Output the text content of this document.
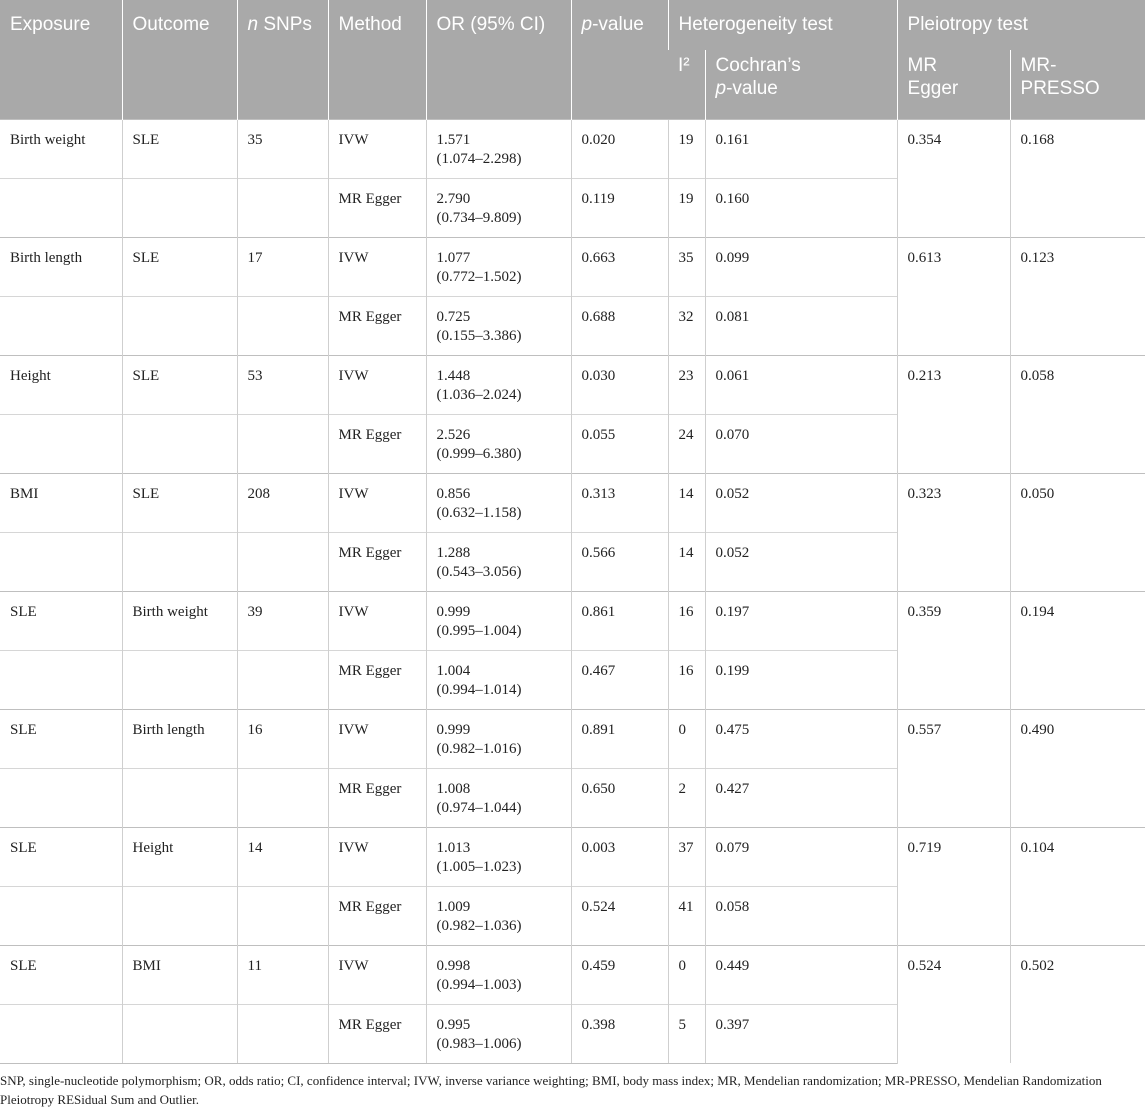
Exposure	Outcome	n SNPs	Method	OR (95% CI)	p-value	Heterogeneity test		Pleiotropy test	
						I²	Cochran’s
p-value	MR Egger	MR-PRESSO
Birth weight	SLE	35	IVW	1.571
(1.074–2.298)	0.020	19	0.161	0.354	0.168
			MR Egger	2.790
(0.734–9.809)	0.119	19	0.160		
Birth length	SLE	17	IVW	1.077
(0.772–1.502)	0.663	35	0.099	0.613	0.123
			MR Egger	0.725
(0.155–3.386)	0.688	32	0.081		
Height	SLE	53	IVW	1.448
(1.036–2.024)	0.030	23	0.061	0.213	0.058
			MR Egger	2.526
(0.999–6.380)	0.055	24	0.070		
BMI	SLE	208	IVW	0.856
(0.632–1.158)	0.313	14	0.052	0.323	0.050
			MR Egger	1.288
(0.543–3.056)	0.566	14	0.052		
SLE	Birth weight	39	IVW	0.999
(0.995–1.004)	0.861	16	0.197	0.359	0.194
			MR Egger	1.004
(0.994–1.014)	0.467	16	0.199		
SLE	Birth length	16	IVW	0.999
(0.982–1.016)	0.891	0	0.475	0.557	0.490
			MR Egger	1.008
(0.974–1.044)	0.650	2	0.427		
SLE	Height	14	IVW	1.013
(1.005–1.023)	0.003	37	0.079	0.719	0.104
			MR Egger	1.009
(0.982–1.036)	0.524	41	0.058		
SLE	BMI	11	IVW	0.998
(0.994–1.003)	0.459	0	0.449	0.524	0.502
			MR Egger	0.995
(0.983–1.006)	0.398	5	0.397		
SNP, single-nucleotide polymorphism; OR, odds ratio; CI, confidence interval; IVW, inverse variance weighting; BMI, body mass index; MR, Mendelian randomization; MR-PRESSO, Mendelian Randomization Pleiotropy RESidual Sum and Outlier.
